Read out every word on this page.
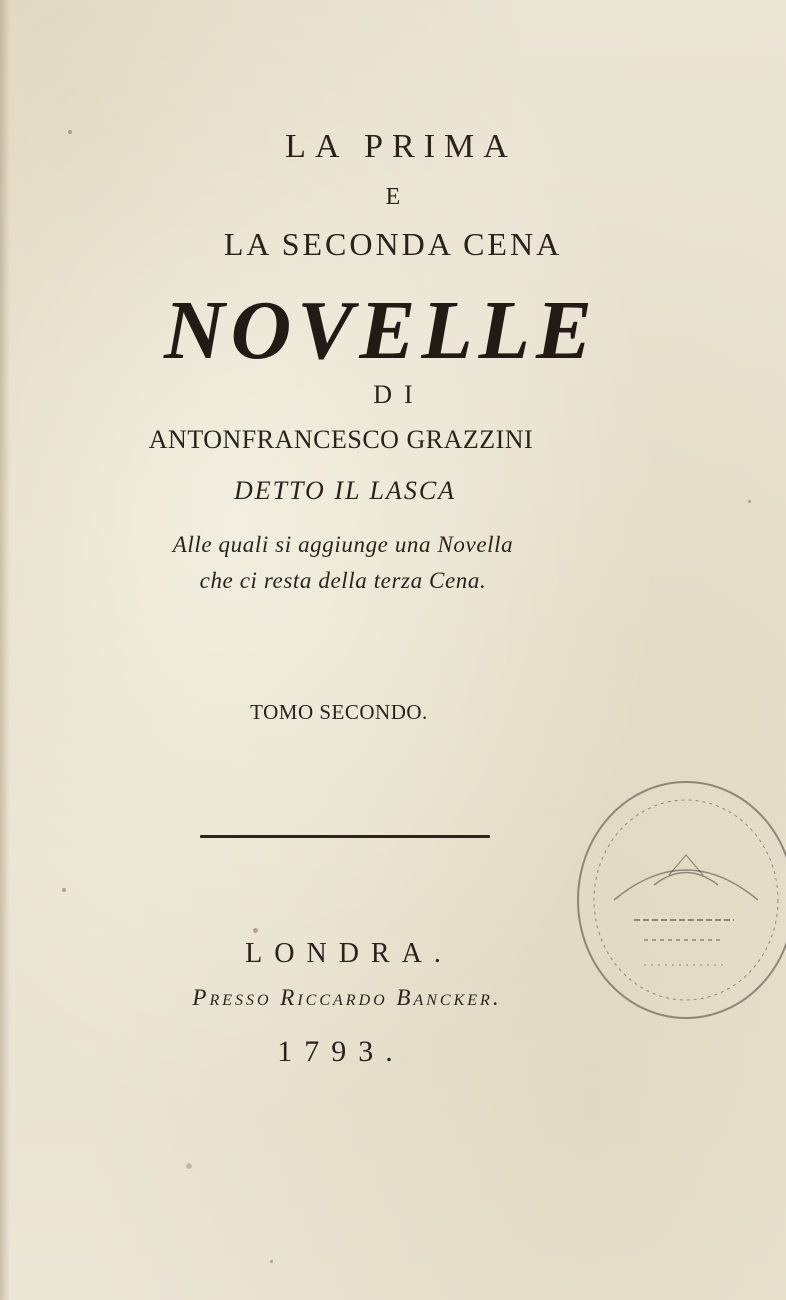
LA PRIMA
E
LA SECONDA CENA
NOVELLE
DI
ANTONFRANCESCO GRAZZINI
DETTO IL LASCA
Alle quali si aggiunge una Novella
che ci resta della terza Cena.
TOMO SECONDO.
LONDRA.
Presso Riccardo Bancker.
1793.
